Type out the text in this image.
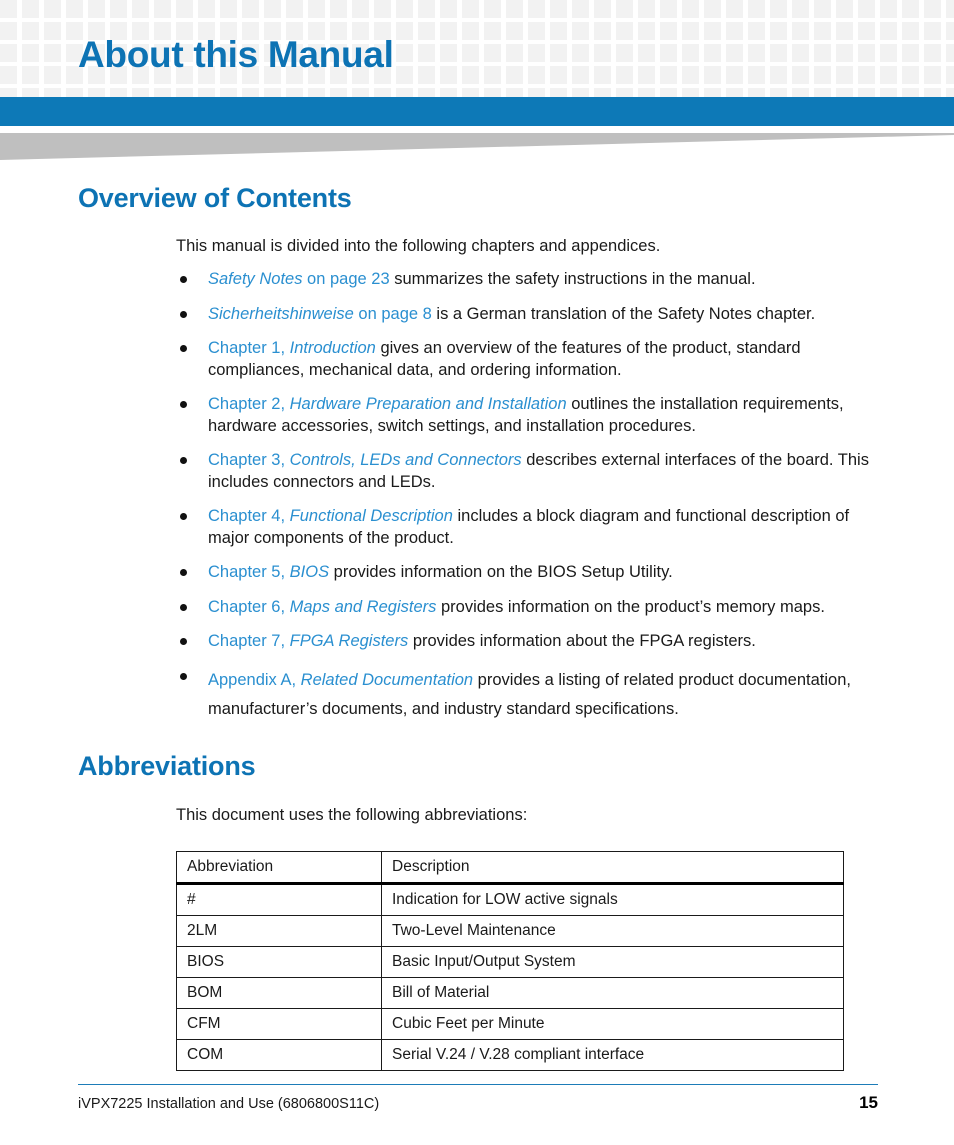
About this Manual
Overview of Contents
This manual is divided into the following chapters and appendices.
Safety Notes on page 23 summarizes the safety instructions in the manual.
Sicherheitshinweise on page 8 is a German translation of the Safety Notes chapter.
Chapter 1, Introduction gives an overview of the features of the product, standard compliances, mechanical data, and ordering information.
Chapter 2, Hardware Preparation and Installation outlines the installation requirements, hardware accessories, switch settings, and installation procedures.
Chapter 3, Controls, LEDs and Connectors describes external interfaces of the board. This includes connectors and LEDs.
Chapter 4, Functional Description includes a block diagram and functional description of major components of the product.
Chapter 5, BIOS provides information on the BIOS Setup Utility.
Chapter 6, Maps and Registers provides information on the product’s memory maps.
Chapter 7, FPGA Registers provides information about the FPGA registers.
Appendix A, Related Documentation provides a listing of related product documentation, manufacturer’s documents, and industry standard specifications.
Abbreviations
This document uses the following abbreviations:
Abbreviation	Description
#	Indication for LOW active signals
2LM	Two-Level Maintenance
BIOS	Basic Input/Output System
BOM	Bill of Material
CFM	Cubic Feet per Minute
COM	Serial V.24 / V.28 compliant interface
iVPX7225 Installation and Use (6806800S11C)	15
